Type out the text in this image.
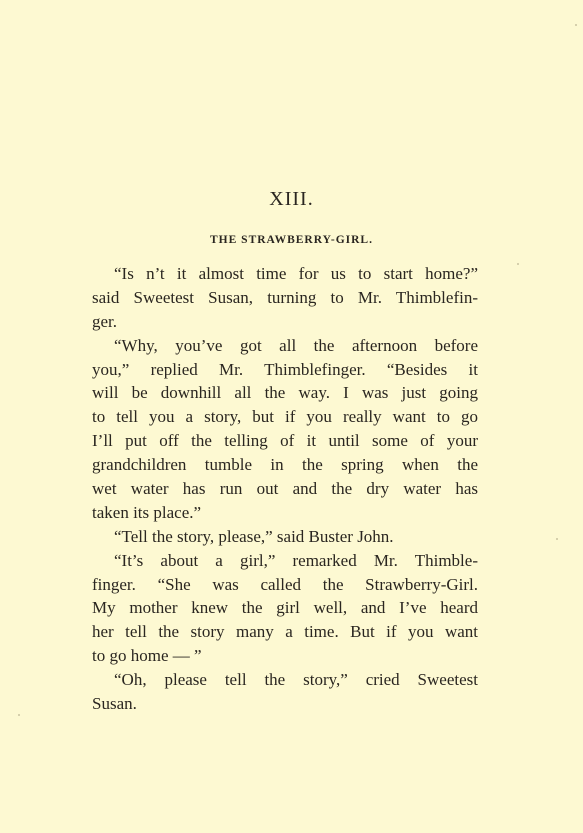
XIII.
THE STRAWBERRY-GIRL.
“Is n’t it almost time for us to start home?”
said Sweetest Susan, turning to Mr. Thimblefin-
ger.
“Why, you’ve got all the afternoon before
you,” replied Mr. Thimblefinger. “Besides it
will be downhill all the way. I was just going
to tell you a story, but if you really want to go
I’ll put off the telling of it until some of your
grandchildren tumble in the spring when the
wet water has run out and the dry water has
taken its place.”
“Tell the story, please,” said Buster John.
“It’s about a girl,” remarked Mr. Thimble-
finger. “She was called the Strawberry-Girl.
My mother knew the girl well, and I’ve heard
her tell the story many a time. But if you want
to go home — ”
“Oh, please tell the story,” cried Sweetest
Susan.
